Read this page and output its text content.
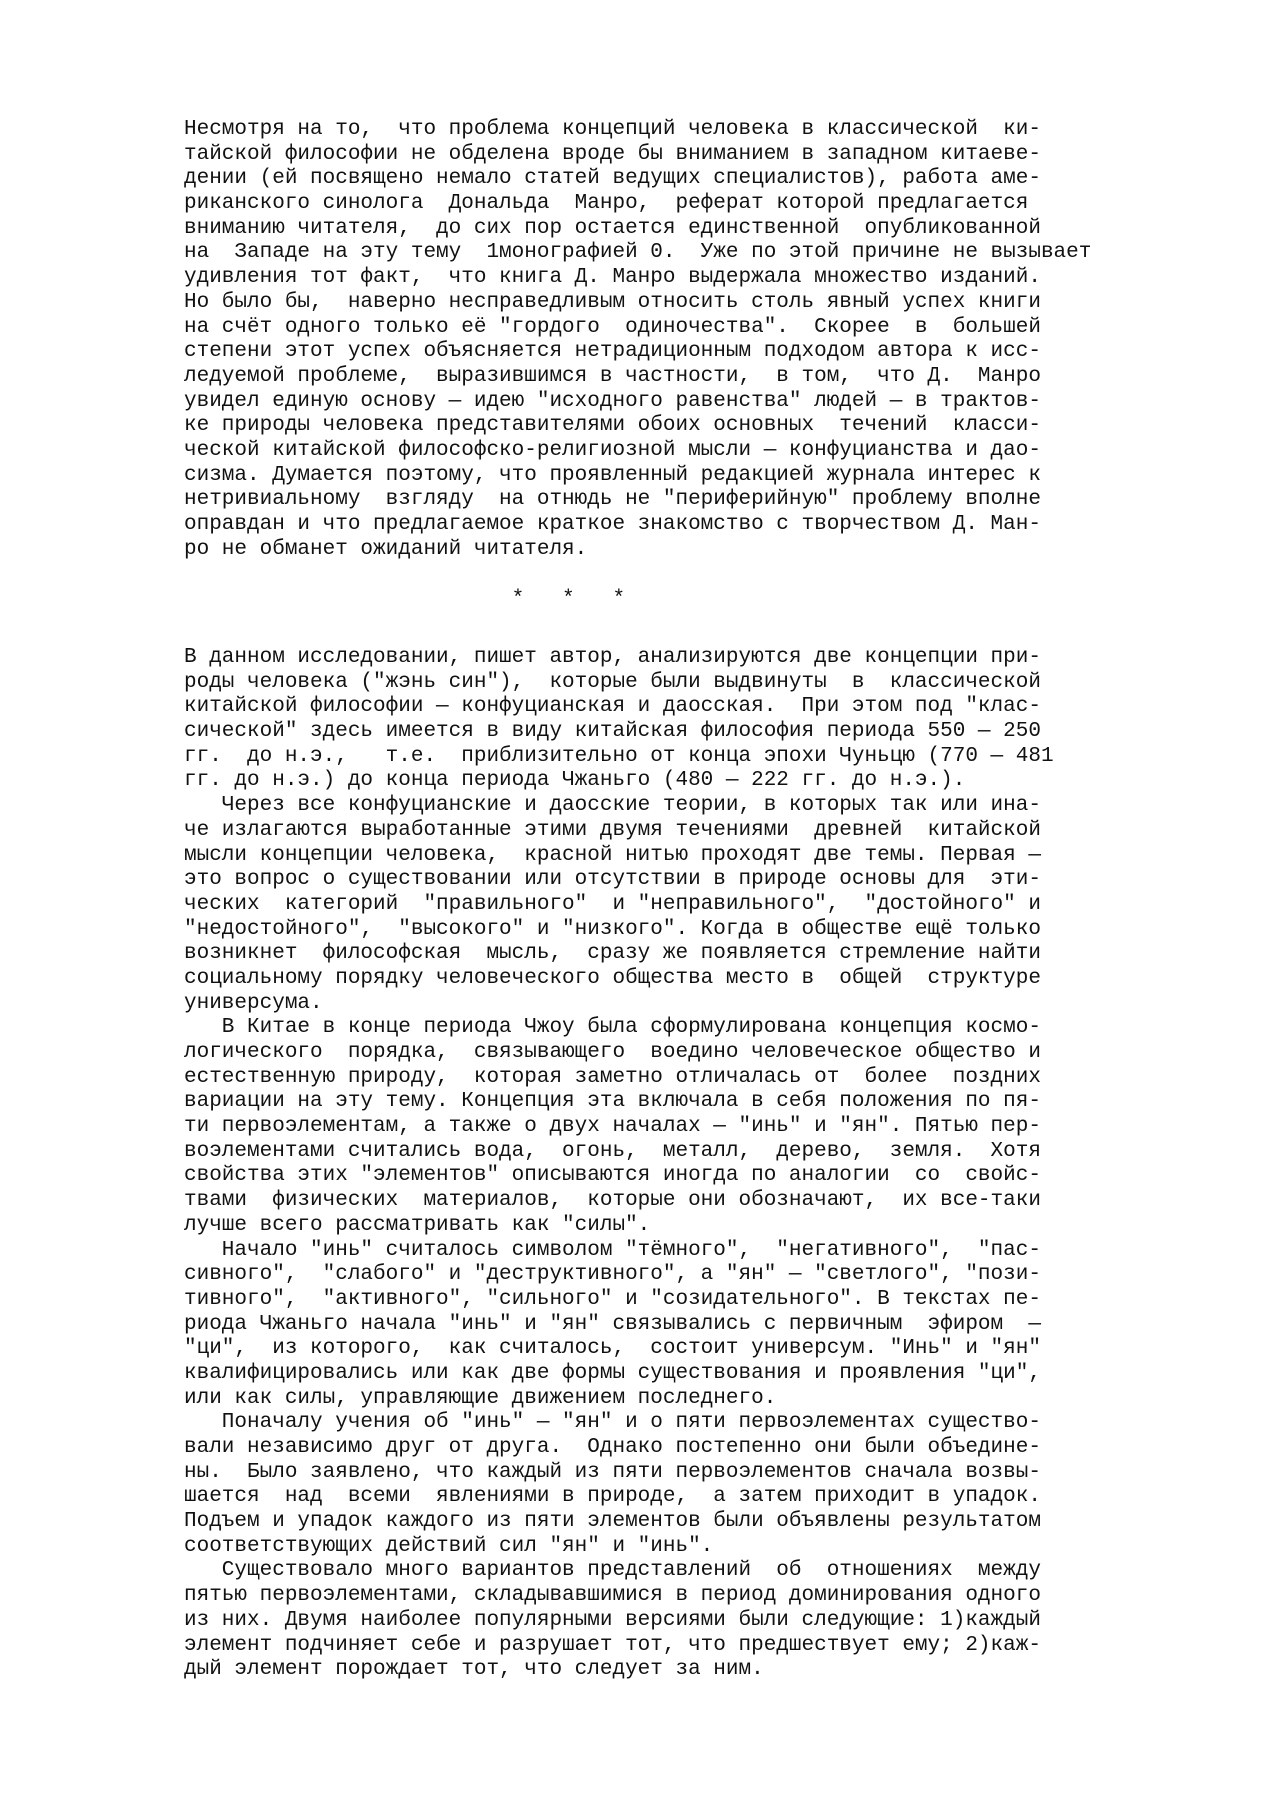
Несмотря на то,  что проблема концепций человека в классической  ки-
тайской философии не обделена вроде бы вниманием в западном китаеве-
дении (ей посвящено немало статей ведущих специалистов), работа аме-
риканского синолога  Дональда  Манро,  реферат которой предлагается
вниманию читателя,  до сих пор остается единственной  опубликованной
на  Западе на эту тему  1монографией 0.  Уже по этой причине не вызывает
удивления тот факт,  что книга Д. Манро выдержала множество изданий.
Но было бы,  наверно несправедливым относить столь явный успех книги
на счёт одного только её "гордого  одиночества".  Скорее  в  большей
степени этот успех объясняется нетрадиционным подходом автора к исс-
ледуемой проблеме,  выразившимся в частности,  в том,  что Д.  Манро
увидел единую основу — идею "исходного равенства" людей — в трактов-
ке природы человека представителями обоих основных  течений  класси-
ческой китайской философско-религиозной мысли — конфуцианства и дао-
сизма. Думается поэтому, что проявленный редакцией журнала интерес к
нетривиальному  взгляду  на отнюдь не "периферийную" проблему вполне
оправдан и что предлагаемое краткое знакомство с творчеством Д. Ман-
ро не обманет ожиданий читателя.
*   *   *
В данном исследовании, пишет автор, анализируются две концепции при-
роды человека ("жэнь син"),  которые были выдвинуты  в  классической
китайской философии — конфуцианская и даосская.  При этом под "клас-
сической" здесь имеется в виду китайская философия периода 550 — 250
гг.  до н.э.,   т.е.  приблизительно от конца эпохи Чуньцю (770 — 481
гг. до н.э.) до конца периода Чжаньго (480 — 222 гг. до н.э.).
Через все конфуцианские и даосские теории, в которых так или ина-
че излагаются выработанные этими двумя течениями  древней  китайской
мысли концепции человека,  красной нитью проходят две темы. Первая —
это вопрос о существовании или отсутствии в природе основы для  эти-
ческих  категорий  "правильного"  и "неправильного",  "достойного" и
"недостойного",  "высокого" и "низкого". Когда в обществе ещё только
возникнет  философская  мысль,  сразу же появляется стремление найти
социальному порядку человеческого общества место в  общей  структуре
универсума.
В Китае в конце периода Чжоу была сформулирована концепция космо-
логического  порядка,  связывающего  воедино человеческое общество и
естественную природу,  которая заметно отличалась от  более  поздних
вариации на эту тему. Концепция эта включала в себя положения по пя-
ти первоэлементам, а также о двух началах — "инь" и "ян". Пятью пер-
воэлементами считались вода,  огонь,  металл,  дерево,  земля.  Хотя
свойства этих "элементов" описываются иногда по аналогии  со  свойс-
твами  физических  материалов,  которые они обозначают,  их все-таки
лучше всего рассматривать как "силы".
Начало "инь" считалось символом "тёмного",  "негативного",  "пас-
сивного",  "слабого" и "деструктивного", а "ян" — "светлого", "пози-
тивного",  "активного", "сильного" и "созидательного". В текстах пе-
риода Чжаньго начала "инь" и "ян" связывались с первичным  эфиром  —
"ци",  из которого,  как считалось,  состоит универсум. "Инь" и "ян"
квалифицировались или как две формы существования и проявления "ци",
или как силы, управляющие движением последнего.
Поначалу учения об "инь" — "ян" и о пяти первоэлементах существо-
вали независимо друг от друга.  Однако постепенно они были объедине-
ны.  Было заявлено, что каждый из пяти первоэлементов сначала возвы-
шается  над  всеми  явлениями в природе,  а затем приходит в упадок.
Подъем и упадок каждого из пяти элементов были объявлены результатом
соответствующих действий сил "ян" и "инь".
Существовало много вариантов представлений  об  отношениях  между
пятью первоэлементами, складывавшимися в период доминирования одного
из них. Двумя наиболее популярными версиями были следующие: 1)каждый
элемент подчиняет себе и разрушает тот, что предшествует ему; 2)каж-
дый элемент порождает тот, что следует за ним.
